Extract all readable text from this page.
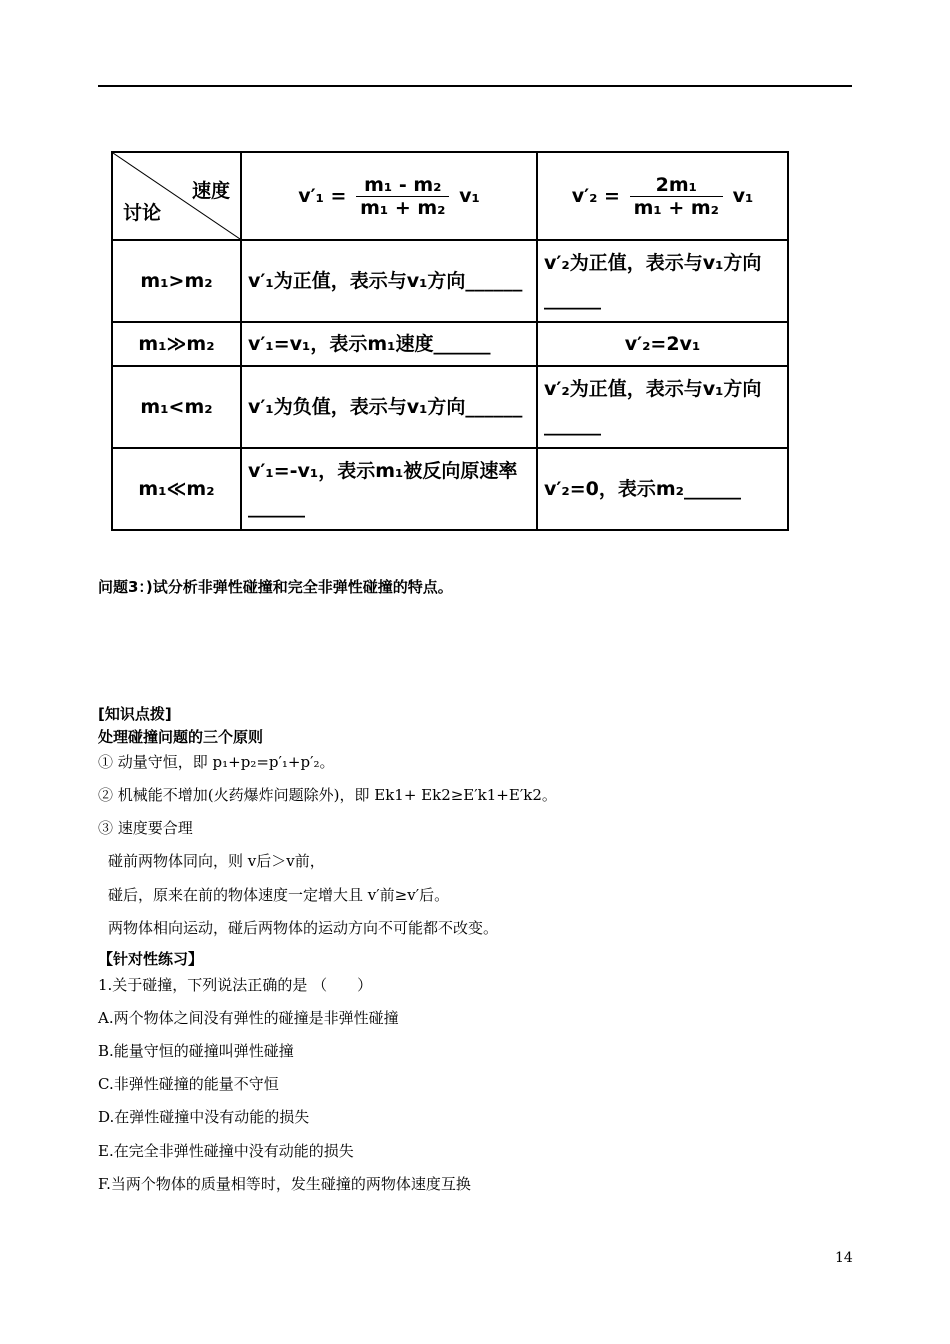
速度
讨论	$v'_1 = \frac{\text{m₁ - m₂}}{\text{m₁ + m₂}} v_1$	$v'_2 = \frac{\text{2m₁}}{\text{m₁ + m₂}} v_1$
m₁>m₂	v′₁为正值，表示与v₁方向______	v′₂为正值，表示与v₁方向______
m₁≫m₂	v′₁=v₁，表示m₁速度______	v′₂=2v₁
m₁<m₂	v′₁为负值，表示与v₁方向______	v′₂为正值，表示与v₁方向______
m₁≪m₂	v′₁=-v₁，表示m₁被反向原速率______	v′₂=0，表示m₂______
问题3：)试分析非弹性碰撞和完全非弹性碰撞的特点。
[知识点拨]
处理碰撞问题的三个原则
① 动量守恒，即 p₁+p₂=p′₁+p′₂。
② 机械能不增加(火药爆炸问题除外)，即 Ek1+ Ek2≥E′k1+E′k2。
③ 速度要合理
碰前两物体同向，则 v后＞v前，
碰后，原来在前的物体速度一定增大且 v′前≥v′后。
两物体相向运动，碰后两物体的运动方向不可能都不改变。
【针对性练习】
1.关于碰撞，下列说法正确的是 （　　）
A.两个物体之间没有弹性的碰撞是非弹性碰撞
B.能量守恒的碰撞叫弹性碰撞
C.非弹性碰撞的能量不守恒
D.在弹性碰撞中没有动能的损失
E.在完全非弹性碰撞中没有动能的损失
F.当两个物体的质量相等时，发生碰撞的两物体速度互换
14
